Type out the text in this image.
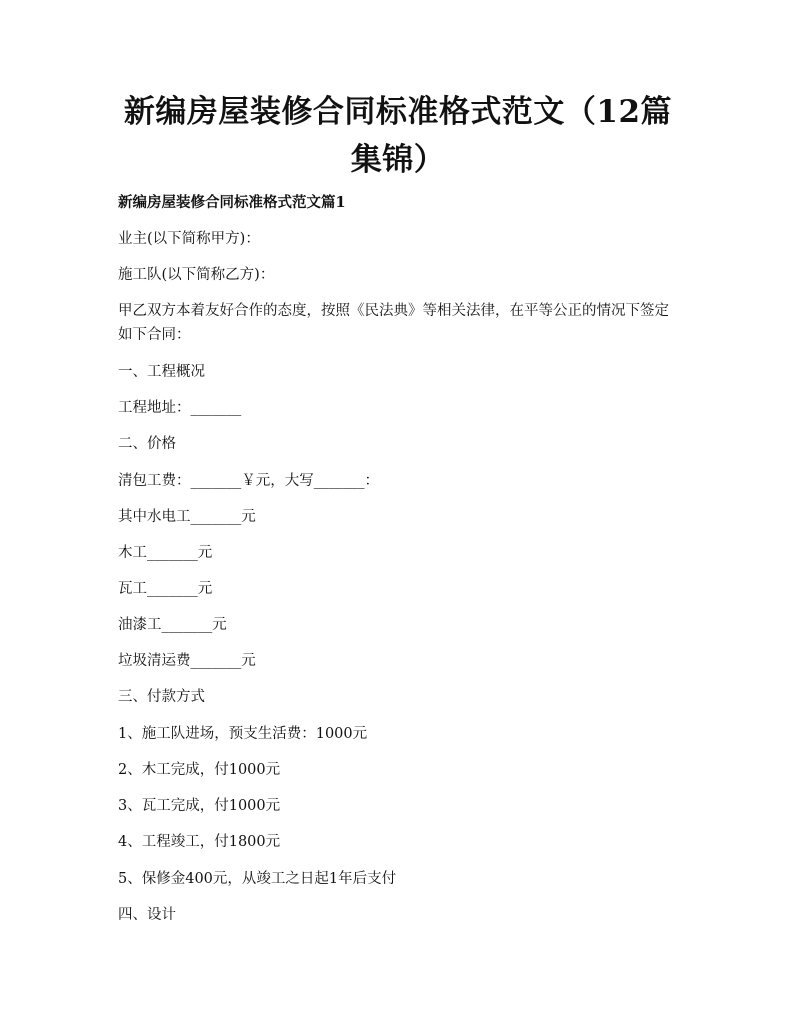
新编房屋装修合同标准格式范文（12篇集锦）
新编房屋装修合同标准格式范文篇1
业主(以下简称甲方)：
施工队(以下简称乙方)：
甲乙双方本着友好合作的态度，按照《民法典》等相关法律，在平等公正的情况下签定如下合同：
一、工程概况
工程地址：_______
二、价格
清包工费：_______￥元，大写_______：
其中水电工_______元
木工_______元
瓦工_______元
油漆工_______元
垃圾清运费_______元
三、付款方式
1、施工队进场，预支生活费：1000元
2、木工完成，付1000元
3、瓦工完成，付1000元
4、工程竣工，付1800元
5、保修金400元，从竣工之日起1年后支付
四、设计
